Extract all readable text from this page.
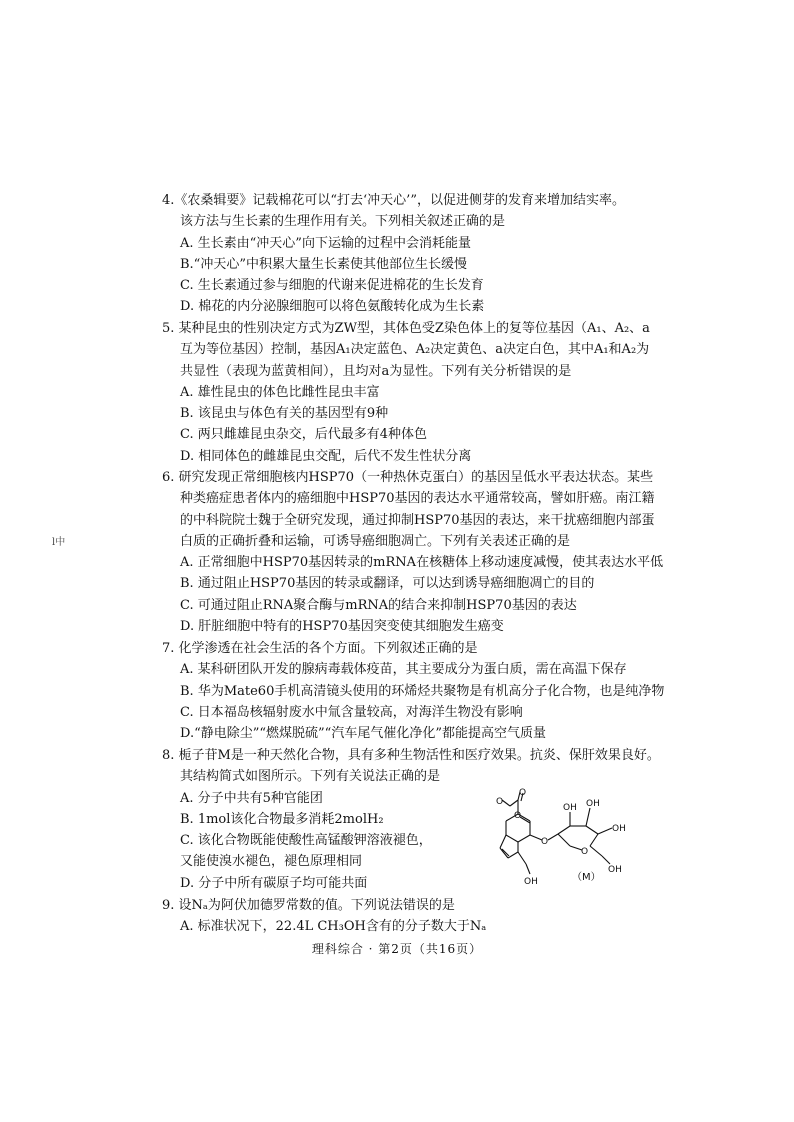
l中
4.《农桑辑要》记载棉花可以“打去‘冲天心’”，以促进侧芽的发育来增加结实率。
该方法与生长素的生理作用有关。下列相关叙述正确的是
A. 生长素由“冲天心”向下运输的过程中会消耗能量
B.“冲天心”中积累大量生长素使其他部位生长缓慢
C. 生长素通过参与细胞的代谢来促进棉花的生长发育
D. 棉花的内分泌腺细胞可以将色氨酸转化成为生长素
5. 某种昆虫的性别决定方式为ZW型，其体色受Z染色体上的复等位基因（A₁、A₂、a
互为等位基因）控制，基因A₁决定蓝色、A₂决定黄色、a决定白色，其中A₁和A₂为
共显性（表现为蓝黄相间），且均对a为显性。下列有关分析错误的是
A. 雄性昆虫的体色比雌性昆虫丰富
B. 该昆虫与体色有关的基因型有9种
C. 两只雌雄昆虫杂交，后代最多有4种体色
D. 相同体色的雌雄昆虫交配，后代不发生性状分离
6. 研究发现正常细胞核内HSP70（一种热休克蛋白）的基因呈低水平表达状态。某些
种类癌症患者体内的癌细胞中HSP70基因的表达水平通常较高，譬如肝癌。南江籍
的中科院院士魏于全研究发现，通过抑制HSP70基因的表达，来干扰癌细胞内部蛋
白质的正确折叠和运输，可诱导癌细胞凋亡。下列有关表述正确的是
A. 正常细胞中HSP70基因转录的mRNA在核糖体上移动速度减慢，使其表达水平低
B. 通过阻止HSP70基因的转录或翻译，可以达到诱导癌细胞凋亡的目的
C. 可通过阻止RNA聚合酶与mRNA的结合来抑制HSP70基因的表达
D. 肝脏细胞中特有的HSP70基因突变使其细胞发生癌变
7. 化学渗透在社会生活的各个方面。下列叙述正确的是
A. 某科研团队开发的腺病毒载体疫苗，其主要成分为蛋白质，需在高温下保存
B. 华为Mate60手机高清镜头使用的环烯烃共聚物是有机高分子化合物，也是纯净物
C. 日本福岛核辐射废水中氚含量较高，对海洋生物没有影响
D.“静电除尘”“燃煤脱硫”“汽车尾气催化净化”都能提高空气质量
8. 栀子苷M是一种天然化合物，具有多种生物活性和医疗效果。抗炎、保肝效果良好。
其结构简式如图所示。下列有关说法正确的是
A. 分子中共有5种官能团
B. 1mol该化合物最多消耗2molH₂
C. 该化合物既能使酸性高锰酸钾溶液褪色，
又能使溴水褪色，褪色原理相同
D. 分子中所有碳原子均可能共面
O
O
O
O
O
OH OH
OH
OH
OH	（M）
9. 设Nₐ为阿伏加德罗常数的值。下列说法错误的是
A. 标准状况下，22.4L CH₃OH含有的分子数大于Nₐ
理科综合 · 第2页（共16页）
